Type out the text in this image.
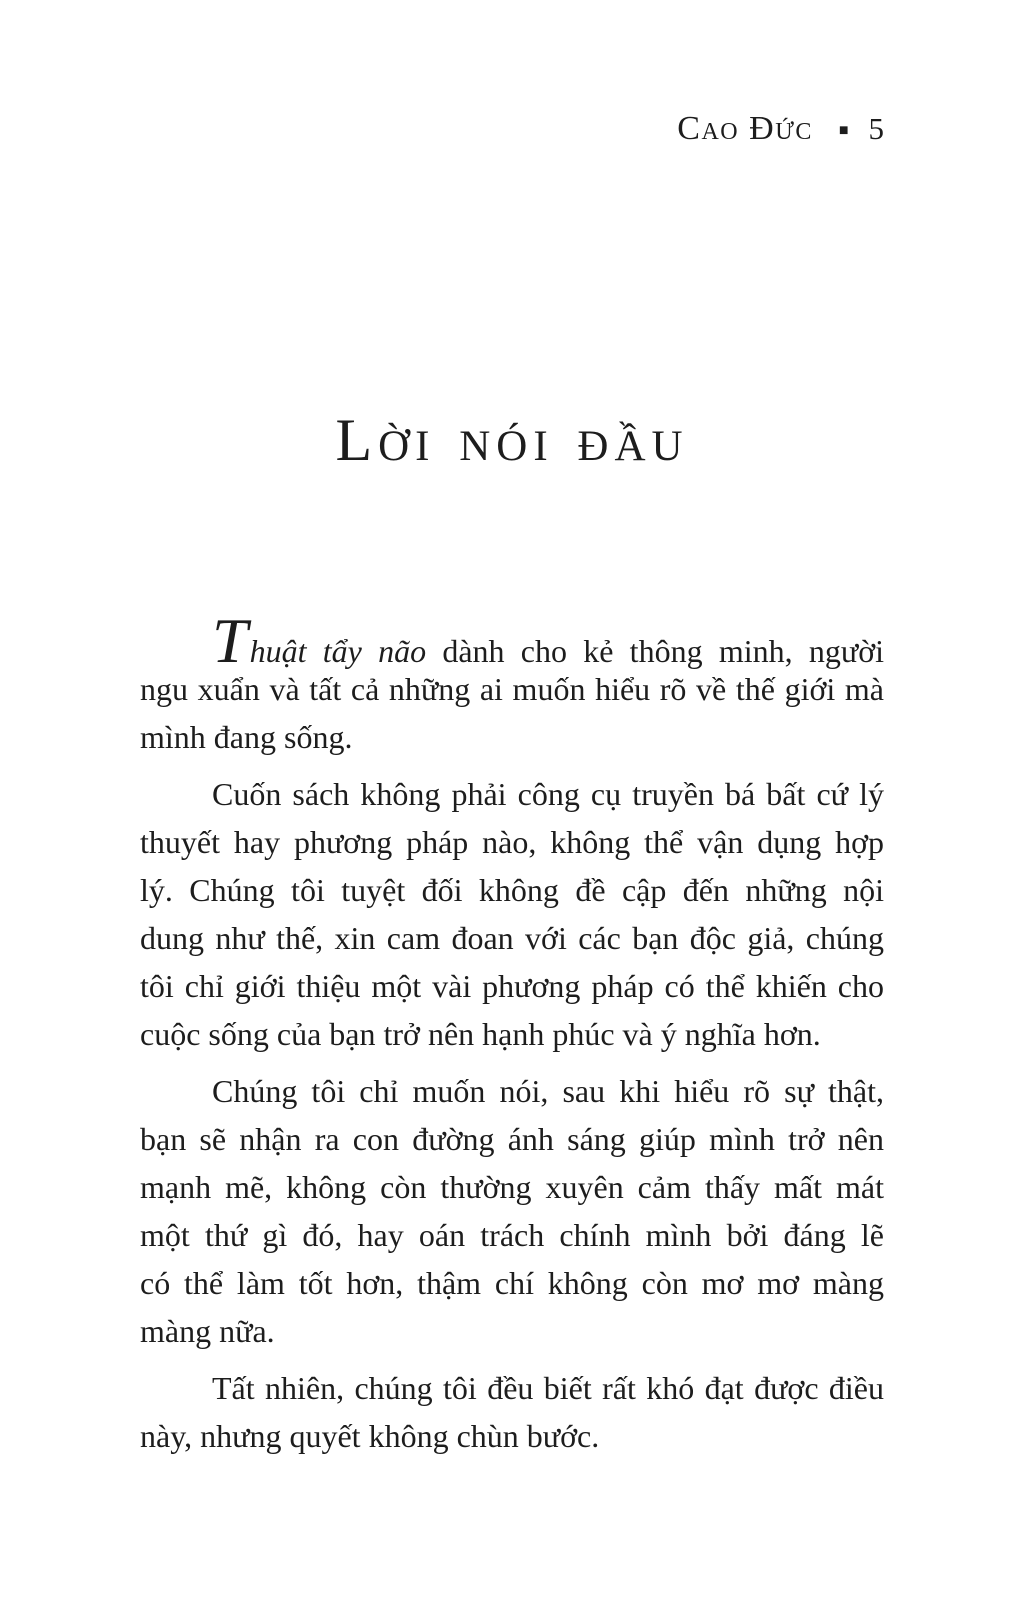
Cao Đức ■ 5
LỜI NÓI ĐẦU
Thuật tẩy não dành cho kẻ thông minh, người
ngu xuẩn và tất cả những ai muốn hiểu rõ về thế giới mà
mình đang sống.
Cuốn sách không phải công cụ truyền bá bất cứ lý
thuyết hay phương pháp nào, không thể vận dụng hợp
lý. Chúng tôi tuyệt đối không đề cập đến những nội
dung như thế, xin cam đoan với các bạn độc giả, chúng
tôi chỉ giới thiệu một vài phương pháp có thể khiến cho
cuộc sống của bạn trở nên hạnh phúc và ý nghĩa hơn.
Chúng tôi chỉ muốn nói, sau khi hiểu rõ sự thật,
bạn sẽ nhận ra con đường ánh sáng giúp mình trở nên
mạnh mẽ, không còn thường xuyên cảm thấy mất mát
một thứ gì đó, hay oán trách chính mình bởi đáng lẽ
có thể làm tốt hơn, thậm chí không còn mơ mơ màng
màng nữa.
Tất nhiên, chúng tôi đều biết rất khó đạt được điều
này, nhưng quyết không chùn bước.
